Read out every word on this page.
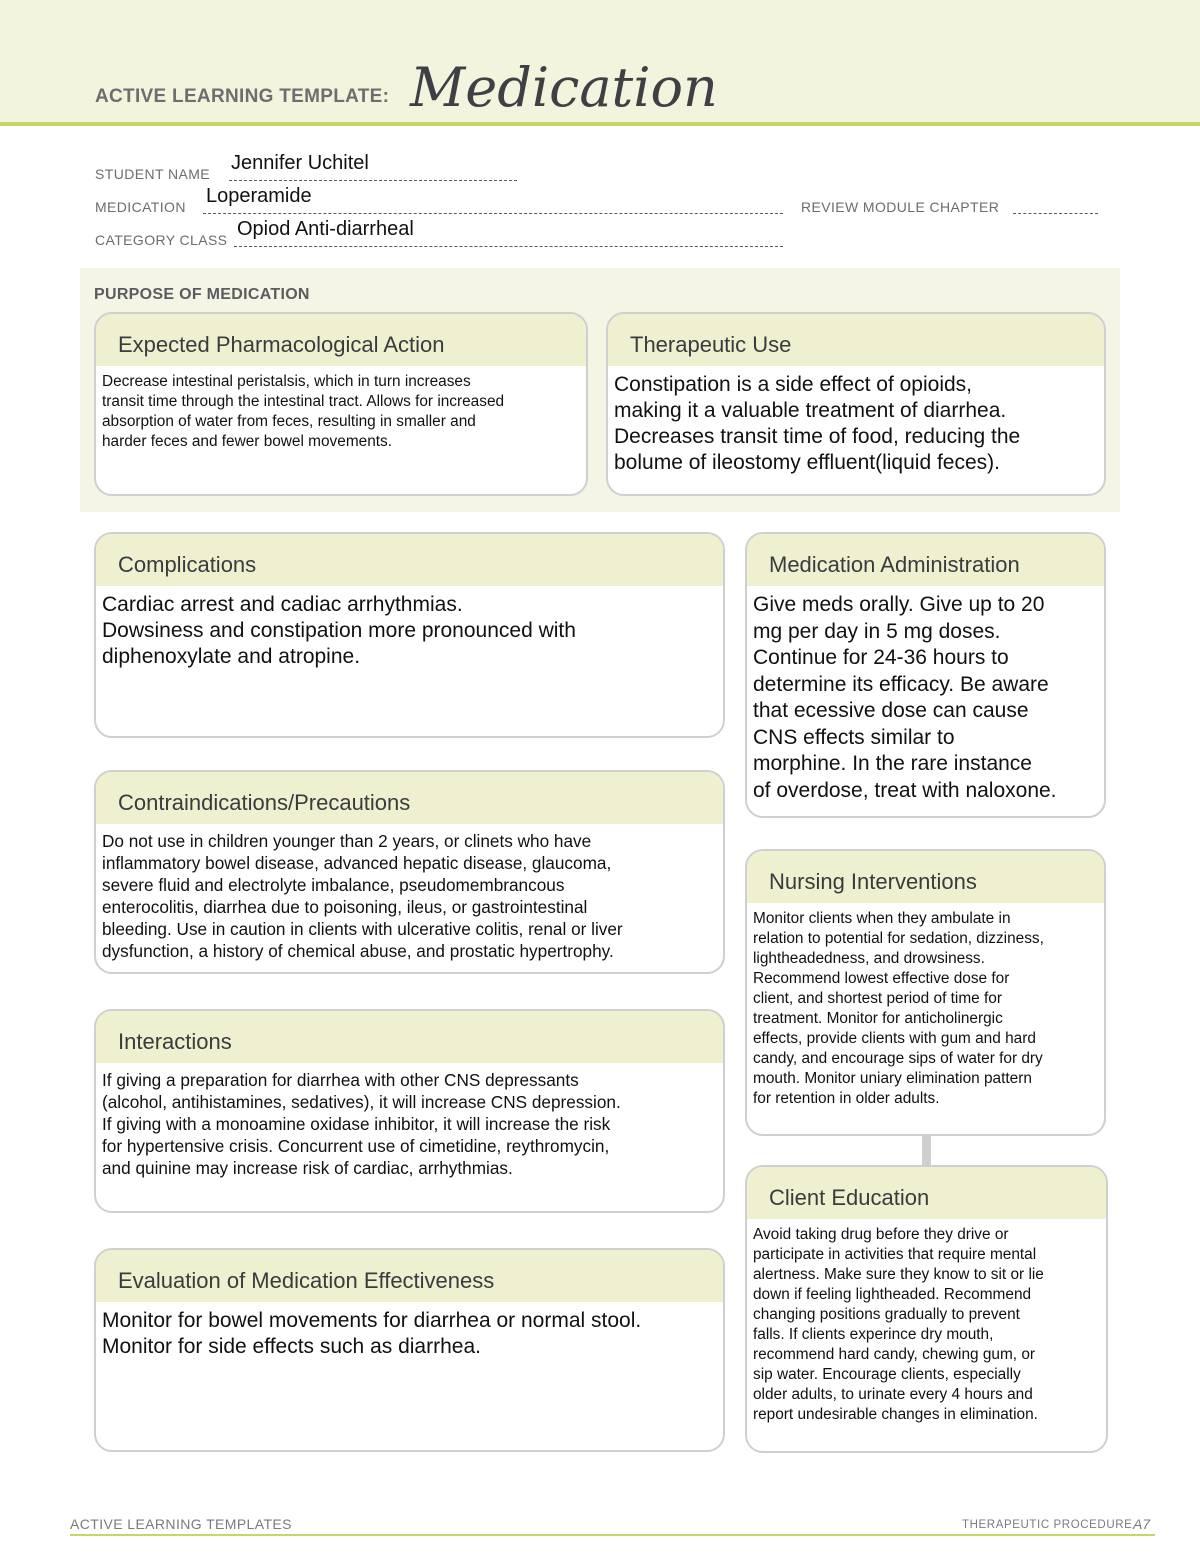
ACTIVE LEARNING TEMPLATE: Medication
STUDENT NAME Jennifer Uchitel
MEDICATION Loperamide	REVIEW MODULE CHAPTER
CATEGORY CLASS Opiod Anti-diarrheal
PURPOSE OF MEDICATION
Expected Pharmacological Action

Decrease intestinal peristalsis, which in turn increases
transit time through the intestinal tract. Allows for increased
absorption of water from feces, resulting in smaller and
harder feces and fewer bowel movements.

Therapeutic Use

Constipation is a side effect of opioids,
making it a valuable treatment of diarrhea.
Decreases transit time of food, reducing the
bolume of ileostomy effluent(liquid feces).

Complications

Cardiac arrest and cadiac arrhythmias.
Dowsiness and constipation more pronounced with
diphenoxylate and atropine.

Contraindications/Precautions

Do not use in children younger than 2 years, or clinets who have
inflammatory bowel disease, advanced hepatic disease, glaucoma,
severe fluid and electrolyte imbalance, pseudomembrancous
enterocolitis, diarrhea due to poisoning, ileus, or gastrointestinal
bleeding. Use in caution in clients with ulcerative colitis, renal or liver
dysfunction, a history of chemical abuse, and prostatic hypertrophy.

Interactions

If giving a preparation for diarrhea with other CNS depressants
(alcohol, antihistamines, sedatives), it will increase CNS depression.
If giving with a monoamine oxidase inhibitor, it will increase the risk
for hypertensive crisis. Concurrent use of cimetidine, reythromycin,
and quinine may increase risk of cardiac, arrhythmias.

Evaluation of Medication Effectiveness

Monitor for bowel movements for diarrhea or normal stool.
Monitor for side effects such as diarrhea.

Medication Administration

Give meds orally. Give up to 20
mg per day in 5 mg doses.
Continue for 24-36 hours to
determine its efficacy. Be aware
that ecessive dose can cause
CNS effects similar to
morphine. In the rare instance
of overdose, treat with naloxone.

Nursing Interventions

Monitor clients when they ambulate in
relation to potential for sedation, dizziness,
lightheadedness, and drowsiness.
Recommend lowest effective dose for
client, and shortest period of time for
treatment. Monitor for anticholinergic
effects, provide clients with gum and hard
candy, and encourage sips of water for dry
mouth. Monitor uniary elimination pattern
for retention in older adults.

Client Education

Avoid taking drug before they drive or
participate in activities that require mental
alertness. Make sure they know to sit or lie
down if feeling lightheaded. Recommend
changing positions gradually to prevent
falls. If clients experince dry mouth,
recommend hard candy, chewing gum, or
sip water. Encourage clients, especially
older adults, to urinate every 4 hours and
report undesirable changes in elimination.

ACTIVE LEARNING TEMPLATES	THERAPEUTIC PROCEDURE A7
